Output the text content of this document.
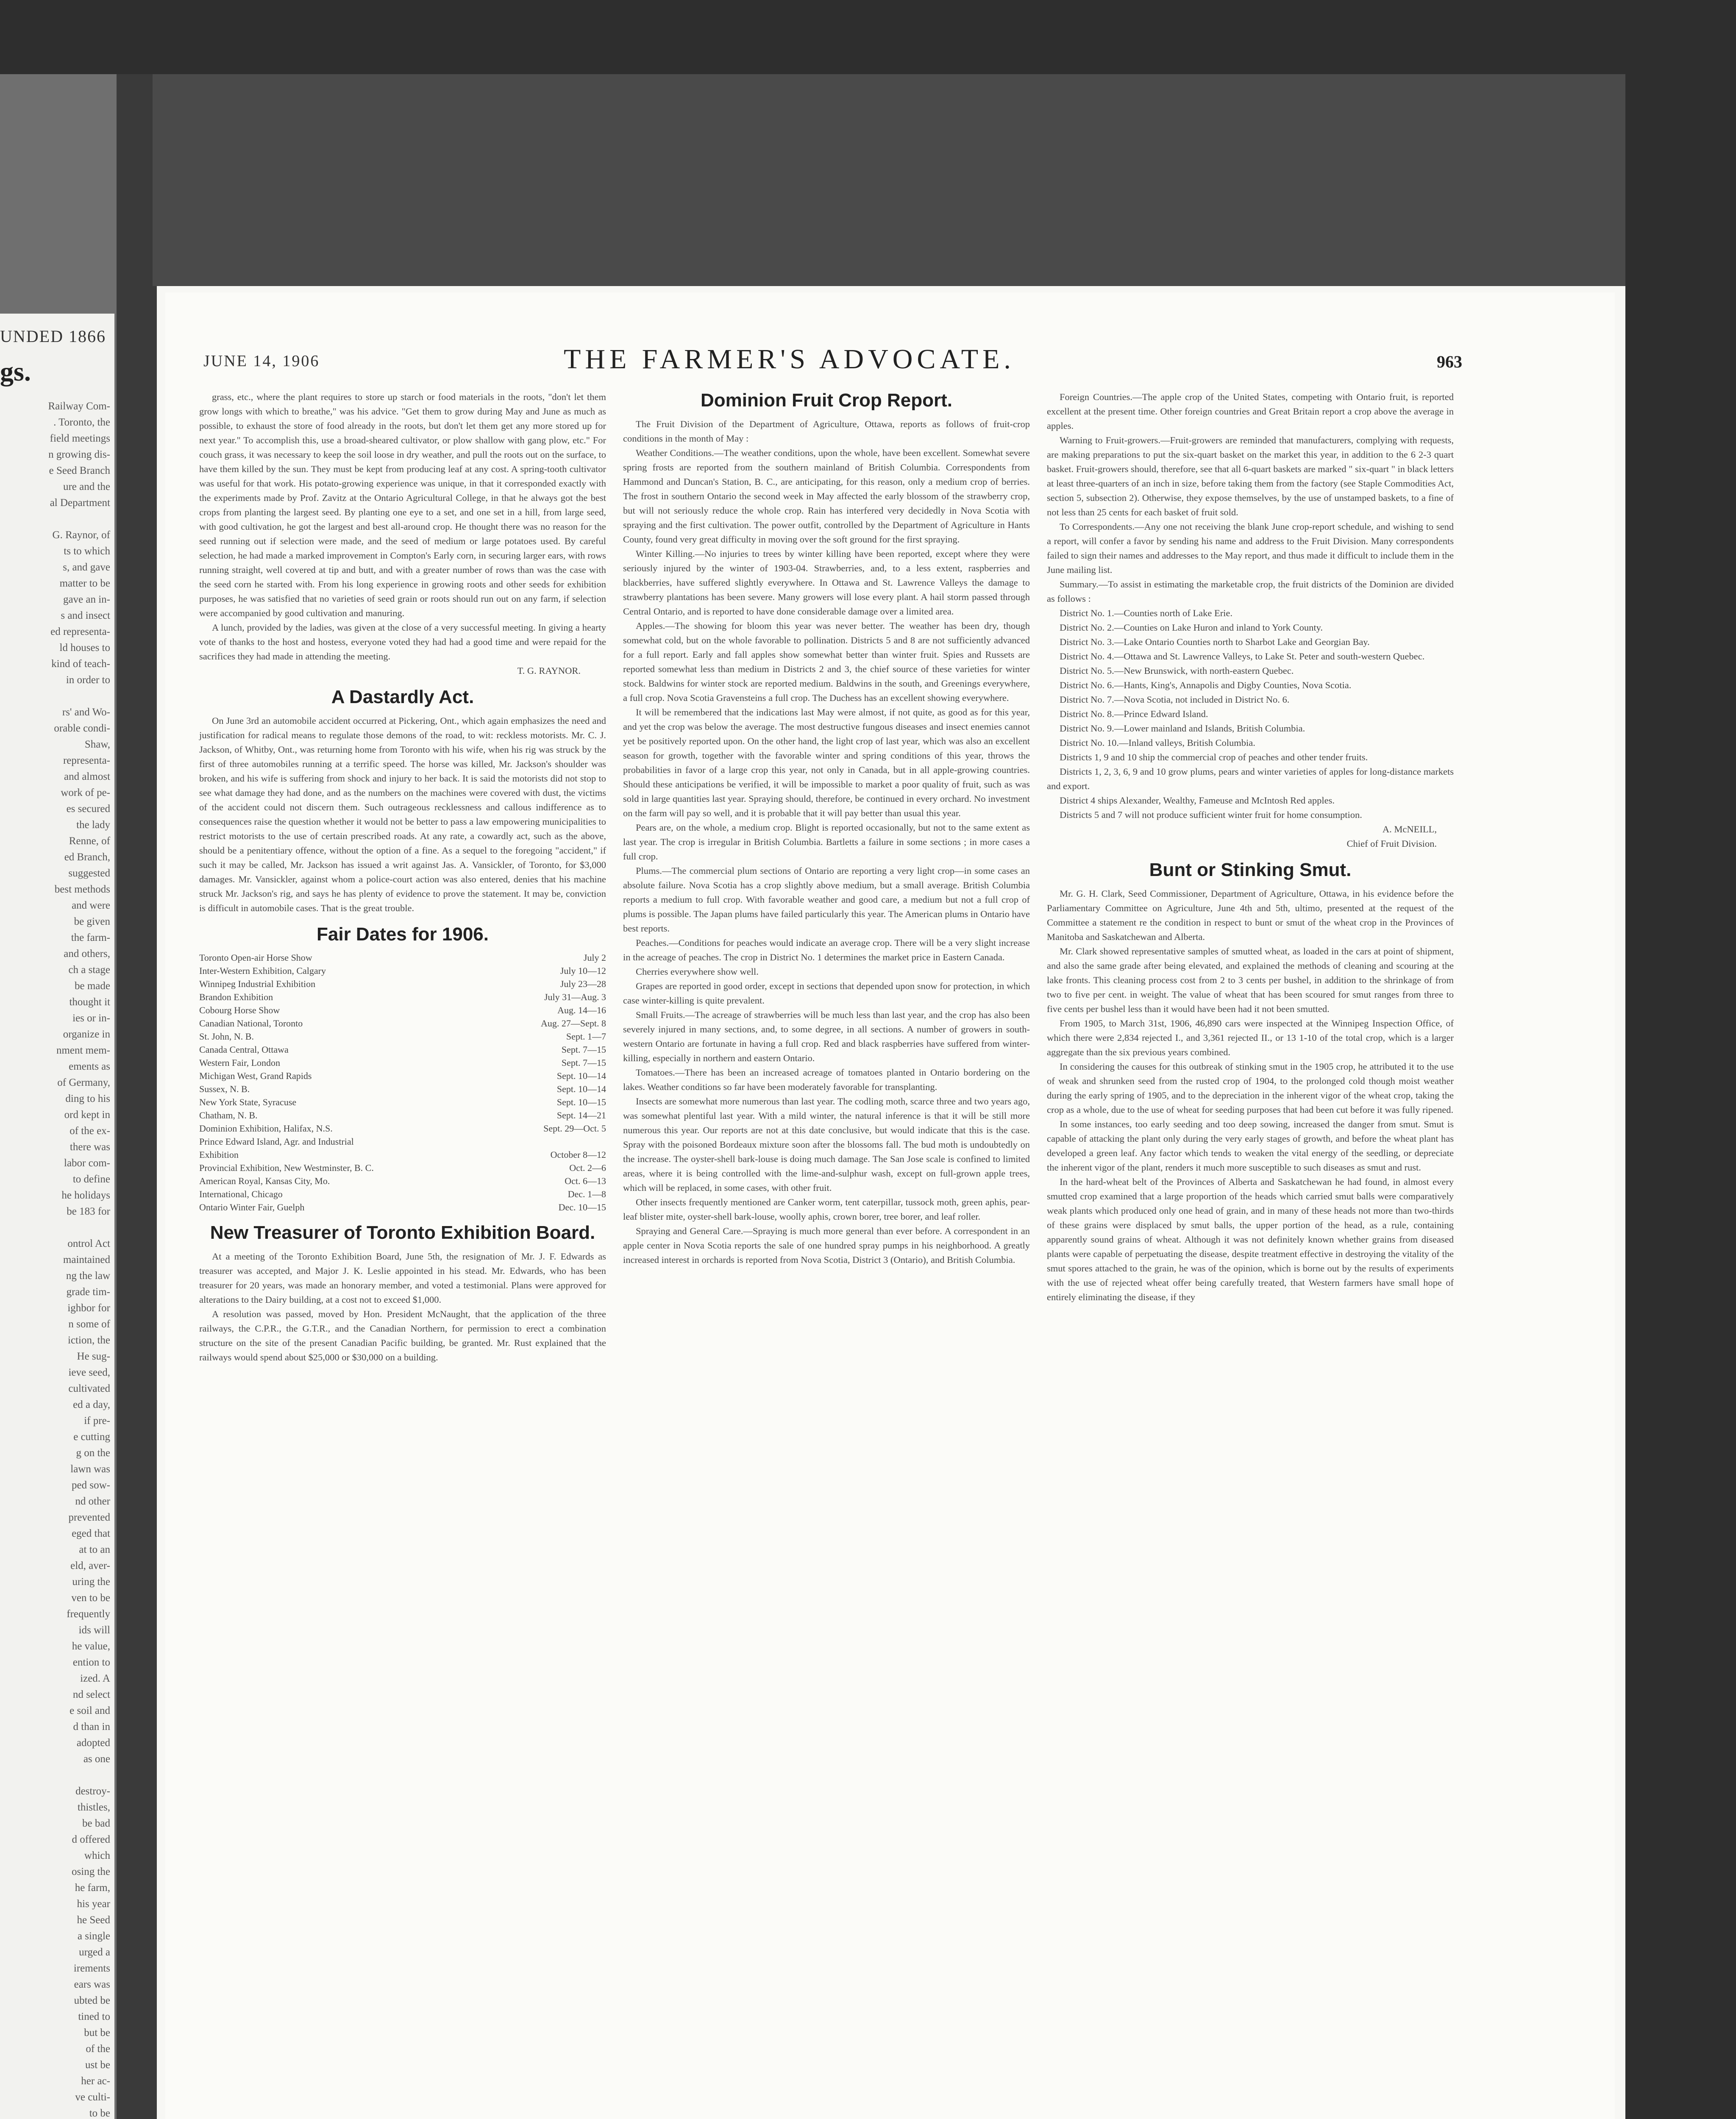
UNDED 1866
gs.
Railway Com-
. Toronto, the
field meetings
n growing dis-
e Seed Branch
ure and the
al Department

G. Raynor, of
ts to which
s, and gave
matter to be
gave an in-
s and insect
ed representa-
ld houses to
kind of teach-
in order to

rs' and Wo-
orable condi-
Shaw,
representa-
and almost
work of pe-
es secured
the lady
Renne, of
ed Branch,
suggested
best methods
and were
be given
the farm-
and others,
ch a stage
be made
thought it
ies or in-
organize in
nment mem-
ements as
of Germany,
ding to his
ord kept in
of the ex-
there was
labor com-
to define
he holidays
be 183 for

ontrol Act
maintained
ng the law
grade tim-
ighbor for
n some of
iction, the
He sug-
ieve seed,
cultivated
ed a day,
if pre-
e cutting
g on the
lawn was
ped sow-
nd other
prevented
eged that
at to an
eld, aver-
uring the
ven to be
frequently
ids will
he value,
ention to
ized. A
nd select
e soil and
d than in
adopted
as one

destroy-
thistles,
be bad
d offered
which
osing the
he farm,
his year
he Seed
a single
urged a
irements
ears was
ubted be
tined to
but be
of the
ust be
her ac-
ve culti-
to be
JUNE 14, 1906	THE FARMER'S ADVOCATE.	963

grass, etc., where the plant requires to store up starch or food materials in the roots, "don't let them grow longs with which to breathe," was his advice. "Get them to grow during May and June as much as possible, to exhaust the store of food already in the roots, but don't let them get any more stored up for next year." To accomplish this, use a broad-sheared cultivator, or plow shallow with gang plow, etc." For couch grass, it was necessary to keep the soil loose in dry weather, and pull the roots out on the surface, to have them killed by the sun. They must be kept from producing leaf at any cost. A spring-tooth cultivator was useful for that work. His potato-growing experience was unique, in that it corresponded exactly with the experiments made by Prof. Zavitz at the Ontario Agricultural College, in that he always got the best crops from planting the largest seed. By planting one eye to a set, and one set in a hill, from large seed, with good cultivation, he got the largest and best all-around crop. He thought there was no reason for the seed running out if selection were made, and the seed of medium or large potatoes used. By careful selection, he had made a marked improvement in Compton's Early corn, in securing larger ears, with rows running straight, well covered at tip and butt, and with a greater number of rows than was the case with the seed corn he started with. From his long experience in growing roots and other seeds for exhibition purposes, he was satisfied that no varieties of seed grain or roots should run out on any farm, if selection were accompanied by good cultivation and manuring.

A lunch, provided by the ladies, was given at the close of a very successful meeting. In giving a hearty vote of thanks to the host and hostess, everyone voted they had had a good time and were repaid for the sacrifices they had made in attending the meeting.

T. G. RAYNOR.

A Dastardly Act.

On June 3rd an automobile accident occurred at Pickering, Ont., which again emphasizes the need and justification for radical means to regulate those demons of the road, to wit: reckless motorists. Mr. C. J. Jackson, of Whitby, Ont., was returning home from Toronto with his wife, when his rig was struck by the first of three automobiles running at a terrific speed. The horse was killed, Mr. Jackson's shoulder was broken, and his wife is suffering from shock and injury to her back. It is said the motorists did not stop to see what damage they had done, and as the numbers on the machines were covered with dust, the victims of the accident could not discern them. Such outrageous recklessness and callous indifference as to consequences raise the question whether it would not be better to pass a law empowering municipalities to restrict motorists to the use of certain prescribed roads. At any rate, a cowardly act, such as the above, should be a penitentiary offence, without the option of a fine. As a sequel to the foregoing "accident," if such it may be called, Mr. Jackson has issued a writ against Jas. A. Vansickler, of Toronto, for $3,000 damages. Mr. Vansickler, against whom a police-court action was also entered, denies that his machine struck Mr. Jackson's rig, and says he has plenty of evidence to prove the statement. It may be, conviction is difficult in automobile cases. That is the great trouble.

Fair Dates for 1906.
Toronto Open-air Horse Show	July 2
Inter-Western Exhibition, Calgary	July 10—12
Winnipeg Industrial Exhibition	July 23—28
Brandon Exhibition	July 31—Aug. 3
Cobourg Horse Show	Aug. 14—16
Canadian National, Toronto	Aug. 27—Sept. 8
St. John, N. B.	Sept. 1—7
Canada Central, Ottawa	Sept. 7—15
Western Fair, London	Sept. 7—15
Michigan West, Grand Rapids	Sept. 10—14
Sussex, N. B.	Sept. 10—14
New York State, Syracuse	Sept. 10—15
Chatham, N. B.	Sept. 14—21
Dominion Exhibition, Halifax, N.S.	Sept. 29—Oct. 5
Prince Edward Island, Agr. and Industrial	
Exhibition	October 8—12
Provincial Exhibition, New Westminster, B. C.	Oct. 2—6
American Royal, Kansas City, Mo.	Oct. 6—13
International, Chicago	Dec. 1—8
Ontario Winter Fair, Guelph	Dec. 10—15
New Treasurer of Toronto Exhibition Board.

At a meeting of the Toronto Exhibition Board, June 5th, the resignation of Mr. J. F. Edwards as treasurer was accepted, and Major J. K. Leslie appointed in his stead. Mr. Edwards, who has been treasurer for 20 years, was made an honorary member, and voted a testimonial. Plans were approved for alterations to the Dairy building, at a cost not to exceed $1,000.

A resolution was passed, moved by Hon. President McNaught, that the application of the three railways, the C.P.R., the G.T.R., and the Canadian Northern, for permission to erect a combination structure on the site of the present Canadian Pacific building, be granted. Mr. Rust explained that the railways would spend about $25,000 or $30,000 on a building.

Dominion Fruit Crop Report.

The Fruit Division of the Department of Agriculture, Ottawa, reports as follows of fruit-crop conditions in the month of May :

Weather Conditions.—The weather conditions, upon the whole, have been excellent. Somewhat severe spring frosts are reported from the southern mainland of British Columbia. Correspondents from Hammond and Duncan's Station, B. C., are anticipating, for this reason, only a medium crop of berries. The frost in southern Ontario the second week in May affected the early blossom of the strawberry crop, but will not seriously reduce the whole crop. Rain has interfered very decidedly in Nova Scotia with spraying and the first cultivation. The power outfit, controlled by the Department of Agriculture in Hants County, found very great difficulty in moving over the soft ground for the first spraying.

Winter Killing.—No injuries to trees by winter killing have been reported, except where they were seriously injured by the winter of 1903-04. Strawberries, and, to a less extent, raspberries and blackberries, have suffered slightly everywhere. In Ottawa and St. Lawrence Valleys the damage to strawberry plantations has been severe. Many growers will lose every plant. A hail storm passed through Central Ontario, and is reported to have done considerable damage over a limited area.

Apples.—The showing for bloom this year was never better. The weather has been dry, though somewhat cold, but on the whole favorable to pollination. Districts 5 and 8 are not sufficiently advanced for a full report. Early and fall apples show somewhat better than winter fruit. Spies and Russets are reported somewhat less than medium in Districts 2 and 3, the chief source of these varieties for winter stock. Baldwins for winter stock are reported medium. Baldwins in the south, and Greenings everywhere, a full crop. Nova Scotia Gravensteins a full crop. The Duchess has an excellent showing everywhere.

It will be remembered that the indications last May were almost, if not quite, as good as for this year, and yet the crop was below the average. The most destructive fungous diseases and insect enemies cannot yet be positively reported upon. On the other hand, the light crop of last year, which was also an excellent season for growth, together with the favorable winter and spring conditions of this year, throws the probabilities in favor of a large crop this year, not only in Canada, but in all apple-growing countries. Should these anticipations be verified, it will be impossible to market a poor quality of fruit, such as was sold in large quantities last year. Spraying should, therefore, be continued in every orchard. No investment on the farm will pay so well, and it is probable that it will pay better than usual this year.

Pears are, on the whole, a medium crop. Blight is reported occasionally, but not to the same extent as last year. The crop is irregular in British Columbia. Bartletts a failure in some sections ; in more cases a full crop.

Plums.—The commercial plum sections of Ontario are reporting a very light crop—in some cases an absolute failure. Nova Scotia has a crop slightly above medium, but a small average. British Columbia reports a medium to full crop. With favorable weather and good care, a medium but not a full crop of plums is possible. The Japan plums have failed particularly this year. The American plums in Ontario have best reports.

Peaches.—Conditions for peaches would indicate an average crop. There will be a very slight increase in the acreage of peaches. The crop in District No. 1 determines the market price in Eastern Canada.

Cherries everywhere show well.

Grapes are reported in good order, except in sections that depended upon snow for protection, in which case winter-killing is quite prevalent.

Small Fruits.—The acreage of strawberries will be much less than last year, and the crop has also been severely injured in many sections, and, to some degree, in all sections. A number of growers in south-western Ontario are fortunate in having a full crop. Red and black raspberries have suffered from winter-killing, especially in northern and eastern Ontario.

Tomatoes.—There has been an increased acreage of tomatoes planted in Ontario bordering on the lakes. Weather conditions so far have been moderately favorable for transplanting.

Insects are somewhat more numerous than last year. The codling moth, scarce three and two years ago, was somewhat plentiful last year. With a mild winter, the natural inference is that it will be still more numerous this year. Our reports are not at this date conclusive, but would indicate that this is the case. Spray with the poisoned Bordeaux mixture soon after the blossoms fall. The bud moth is undoubtedly on the increase. The oyster-shell bark-louse is doing much damage. The San Jose scale is confined to limited areas, where it is being controlled with the lime-and-sulphur wash, except on full-grown apple trees, which will be replaced, in some cases, with other fruit.

Other insects frequently mentioned are Canker worm, tent caterpillar, tussock moth, green aphis, pear-leaf blister mite, oyster-shell bark-louse, woolly aphis, crown borer, tree borer, and leaf roller.

Spraying and General Care.—Spraying is much more general than ever before. A correspondent in an apple center in Nova Scotia reports the sale of one hundred spray pumps in his neighborhood. A greatly increased interest in orchards is reported from Nova Scotia, District 3 (Ontario), and British Columbia.

Foreign Countries.—The apple crop of the United States, competing with Ontario fruit, is reported excellent at the present time. Other foreign countries and Great Britain report a crop above the average in apples.

Warning to Fruit-growers.—Fruit-growers are reminded that manufacturers, complying with requests, are making preparations to put the six-quart basket on the market this year, in addition to the 6 2-3 quart basket. Fruit-growers should, therefore, see that all 6-quart baskets are marked " six-quart " in black letters at least three-quarters of an inch in size, before taking them from the factory (see Staple Commodities Act, section 5, subsection 2). Otherwise, they expose themselves, by the use of unstamped baskets, to a fine of not less than 25 cents for each basket of fruit sold.

To Correspondents.—Any one not receiving the blank June crop-report schedule, and wishing to send a report, will confer a favor by sending his name and address to the Fruit Division. Many correspondents failed to sign their names and addresses to the May report, and thus made it difficult to include them in the June mailing list.

Summary.—To assist in estimating the marketable crop, the fruit districts of the Dominion are divided as follows :

District No. 1.—Counties north of Lake Erie.

District No. 2.—Counties on Lake Huron and inland to York County.

District No. 3.—Lake Ontario Counties north to Sharbot Lake and Georgian Bay.

District No. 4.—Ottawa and St. Lawrence Valleys, to Lake St. Peter and south-western Quebec.

District No. 5.—New Brunswick, with north-eastern Quebec.

District No. 6.—Hants, King's, Annapolis and Digby Counties, Nova Scotia.

District No. 7.—Nova Scotia, not included in District No. 6.

District No. 8.—Prince Edward Island.

District No. 9.—Lower mainland and Islands, British Columbia.

District No. 10.—Inland valleys, British Columbia.

Districts 1, 9 and 10 ship the commercial crop of peaches and other tender fruits.

Districts 1, 2, 3, 6, 9 and 10 grow plums, pears and winter varieties of apples for long-distance markets and export.

District 4 ships Alexander, Wealthy, Fameuse and McIntosh Red apples.

Districts 5 and 7 will not produce sufficient winter fruit for home consumption.

A. McNEILL,

Chief of Fruit Division.

Bunt or Stinking Smut.

Mr. G. H. Clark, Seed Commissioner, Department of Agriculture, Ottawa, in his evidence before the Parliamentary Committee on Agriculture, June 4th and 5th, ultimo, presented at the request of the Committee a statement re the condition in respect to bunt or smut of the wheat crop in the Provinces of Manitoba and Saskatchewan and Alberta.

Mr. Clark showed representative samples of smutted wheat, as loaded in the cars at point of shipment, and also the same grade after being elevated, and explained the methods of cleaning and scouring at the lake fronts. This cleaning process cost from 2 to 3 cents per bushel, in addition to the shrinkage of from two to five per cent. in weight. The value of wheat that has been scoured for smut ranges from three to five cents per bushel less than it would have been had it not been smutted.

From 1905, to March 31st, 1906, 46,890 cars were inspected at the Winnipeg Inspection Office, of which there were 2,834 rejected I., and 3,361 rejected II., or 13 1-10 of the total crop, which is a larger aggregate than the six previous years combined.

In considering the causes for this outbreak of stinking smut in the 1905 crop, he attributed it to the use of weak and shrunken seed from the rusted crop of 1904, to the prolonged cold though moist weather during the early spring of 1905, and to the depreciation in the inherent vigor of the wheat crop, taking the crop as a whole, due to the use of wheat for seeding purposes that had been cut before it was fully ripened.

In some instances, too early seeding and too deep sowing, increased the danger from smut. Smut is capable of attacking the plant only during the very early stages of growth, and before the wheat plant has developed a green leaf. Any factor which tends to weaken the vital energy of the seedling, or depreciate the inherent vigor of the plant, renders it much more susceptible to such diseases as smut and rust.

In the hard-wheat belt of the Provinces of Alberta and Saskatchewan he had found, in almost every smutted crop examined that a large proportion of the heads which carried smut balls were comparatively weak plants which produced only one head of grain, and in many of these heads not more than two-thirds of these grains were displaced by smut balls, the upper portion of the head, as a rule, containing apparently sound grains of wheat. Although it was not definitely known whether grains from diseased plants were capable of perpetuating the disease, despite treatment effective in destroying the vitality of the smut spores attached to the grain, he was of the opinion, which is borne out by the results of experiments with the use of rejected wheat offer being carefully treated, that Western farmers have small hope of entirely eliminating the disease, if they
